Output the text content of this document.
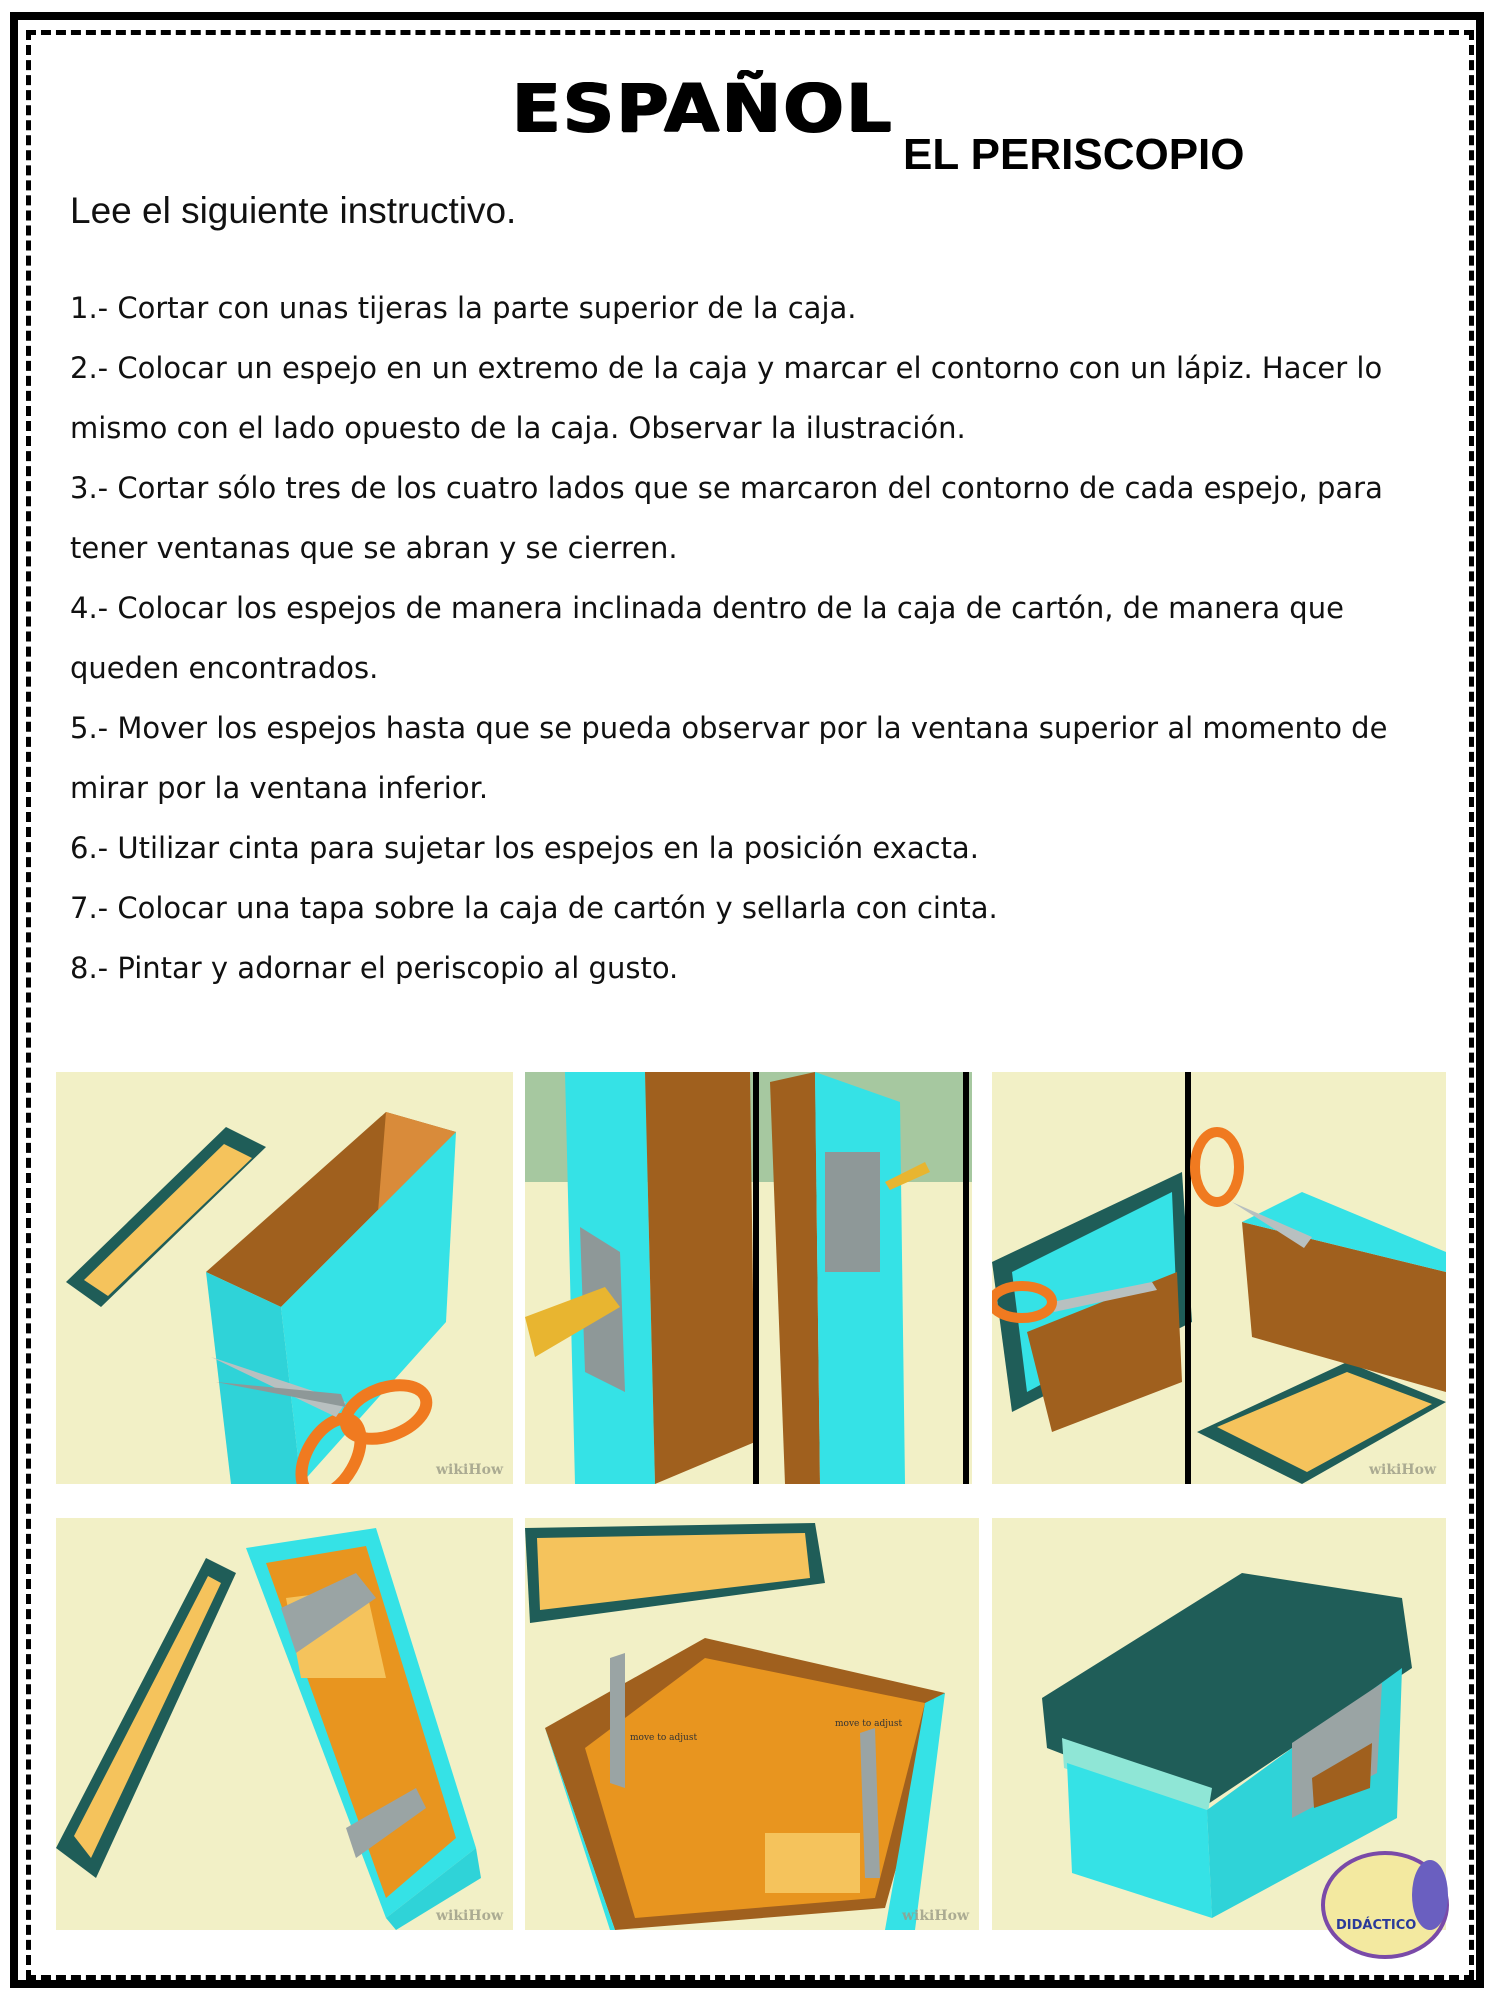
ESPAÑOL
EL PERISCOPIO
Lee el siguiente instructivo.

1.- Cortar con unas tijeras la parte superior de la caja.

2.- Colocar un espejo en un extremo de la caja y marcar el contorno con un lápiz. Hacer lo mismo con el lado opuesto de la caja. Observar la ilustración.

3.- Cortar sólo tres de los cuatro lados que se marcaron del contorno de cada espejo, para tener ventanas que se abran y se cierren.

4.- Colocar los espejos de manera inclinada dentro de la caja de cartón, de manera que queden encontrados.

5.- Mover los espejos hasta que se pueda observar por la ventana superior al momento de mirar por la ventana inferior.

6.- Utilizar cinta para sujetar los espejos en la posición exacta.

7.- Colocar una tapa sobre la caja de cartón y sellarla con cinta.

8.- Pintar y adornar el periscopio al gusto.

wikiHow	wikiHow
wikiHow
move to adjust
move to adjust
wikiHow
DIDÁCTICO
